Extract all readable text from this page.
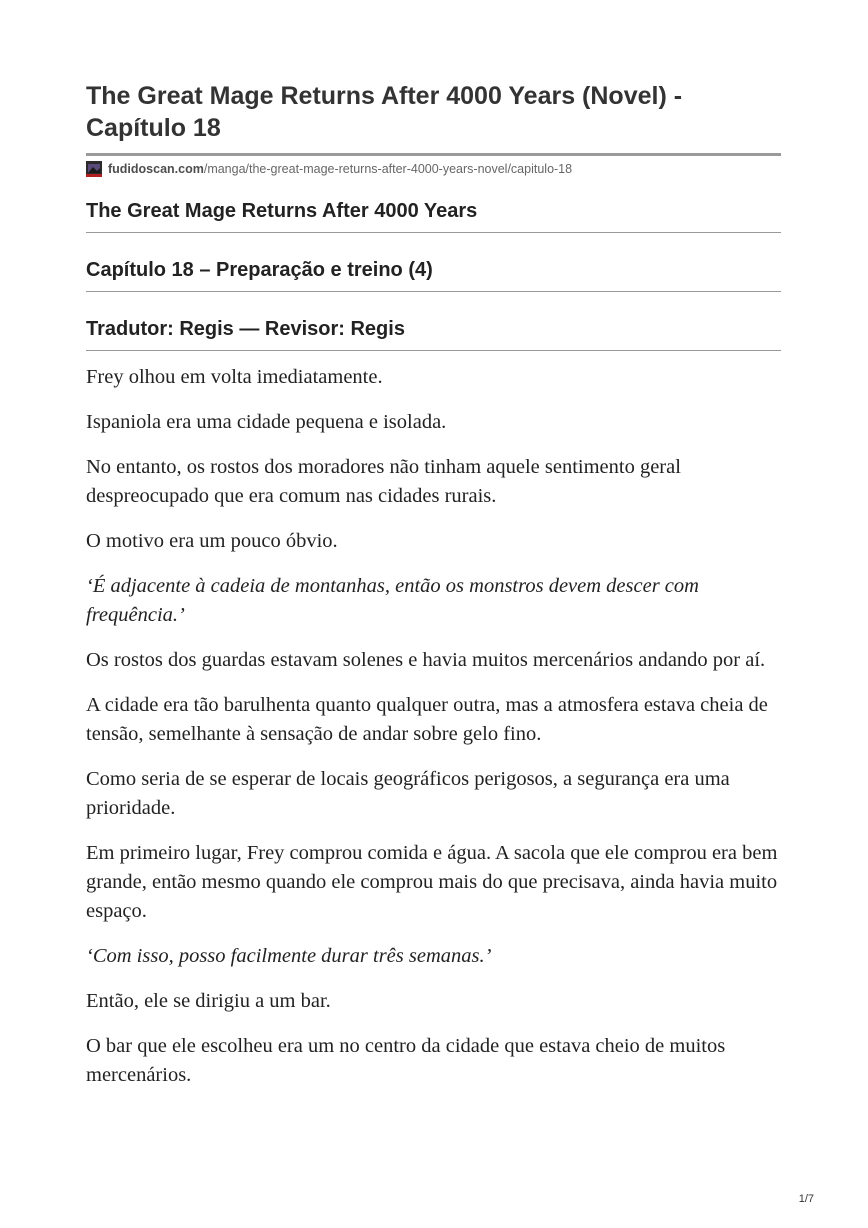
The Great Mage Returns After 4000 Years (Novel) - Capítulo 18
fudidoscan.com /manga/the-great-mage-returns-after-4000-years-novel/capitulo-18
The Great Mage Returns After 4000 Years
Capítulo 18 – Preparação e treino (4)
Tradutor: Regis — Revisor: Regis

Frey olhou em volta imediatamente.

Ispaniola era uma cidade pequena e isolada.

No entanto, os rostos dos moradores não tinham aquele sentimento geral despreocupado que era comum nas cidades rurais.

O motivo era um pouco óbvio.

‘É adjacente à cadeia de montanhas, então os monstros devem descer com frequência.’

Os rostos dos guardas estavam solenes e havia muitos mercenários andando por aí.

A cidade era tão barulhenta quanto qualquer outra, mas a atmosfera estava cheia de tensão, semelhante à sensação de andar sobre gelo fino.

Como seria de se esperar de locais geográficos perigosos, a segurança era uma prioridade.

Em primeiro lugar, Frey comprou comida e água. A sacola que ele comprou era bem grande, então mesmo quando ele comprou mais do que precisava, ainda havia muito espaço.

‘Com isso, posso facilmente durar três semanas.’

Então, ele se dirigiu a um bar.

O bar que ele escolheu era um no centro da cidade que estava cheio de muitos mercenários.

1/7
